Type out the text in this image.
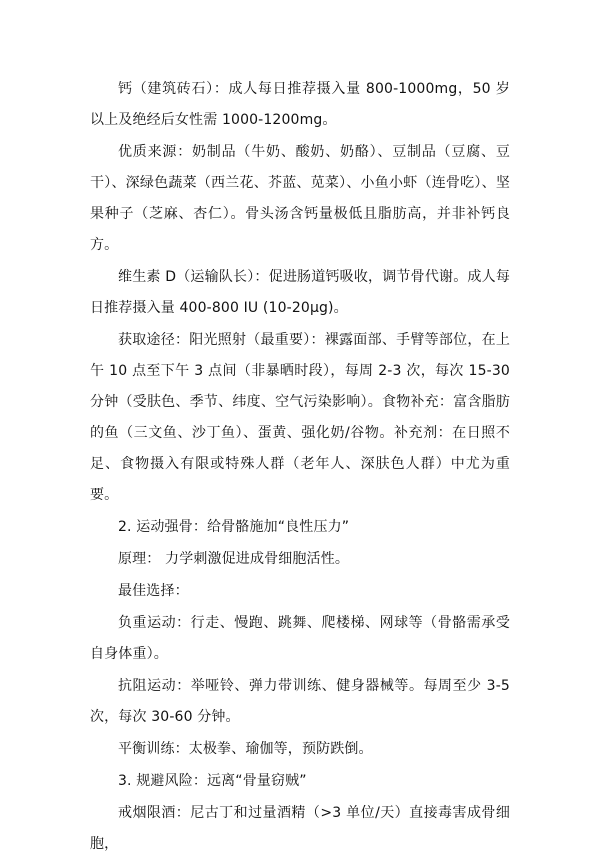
钙（建筑砖石）：成人每日推荐摄入量 800-1000mg，50 岁以上及绝经后女性需 1000-1200mg。

优质来源：奶制品（牛奶、酸奶、奶酪）、豆制品（豆腐、豆干）、深绿色蔬菜（西兰花、芥蓝、苋菜）、小鱼小虾（连骨吃）、坚果种子（芝麻、杏仁）。骨头汤含钙量极低且脂肪高，并非补钙良方。

维生素 D（运输队长）：促进肠道钙吸收，调节骨代谢。成人每日推荐摄入量 400-800 IU (10-20μg)。

获取途径：阳光照射（最重要）：裸露面部、手臂等部位，在上午 10 点至下午 3 点间（非暴晒时段），每周 2-3 次，每次 15-30 分钟（受肤色、季节、纬度、空气污染影响）。食物补充：富含脂肪的鱼（三文鱼、沙丁鱼）、蛋黄、强化奶/谷物。补充剂：在日照不足、食物摄入有限或特殊人群（老年人、深肤色人群）中尤为重要。

2. 运动强骨：给骨骼施加“良性压力”

原理： 力学刺激促进成骨细胞活性。

最佳选择：

负重运动：行走、慢跑、跳舞、爬楼梯、网球等（骨骼需承受自身体重）。

抗阻运动：举哑铃、弹力带训练、健身器械等。每周至少 3-5 次，每次 30-60 分钟。

平衡训练：太极拳、瑜伽等，预防跌倒。

3. 规避风险：远离“骨量窃贼”

戒烟限酒：尼古丁和过量酒精（>3 单位/天）直接毒害成骨细胞，
